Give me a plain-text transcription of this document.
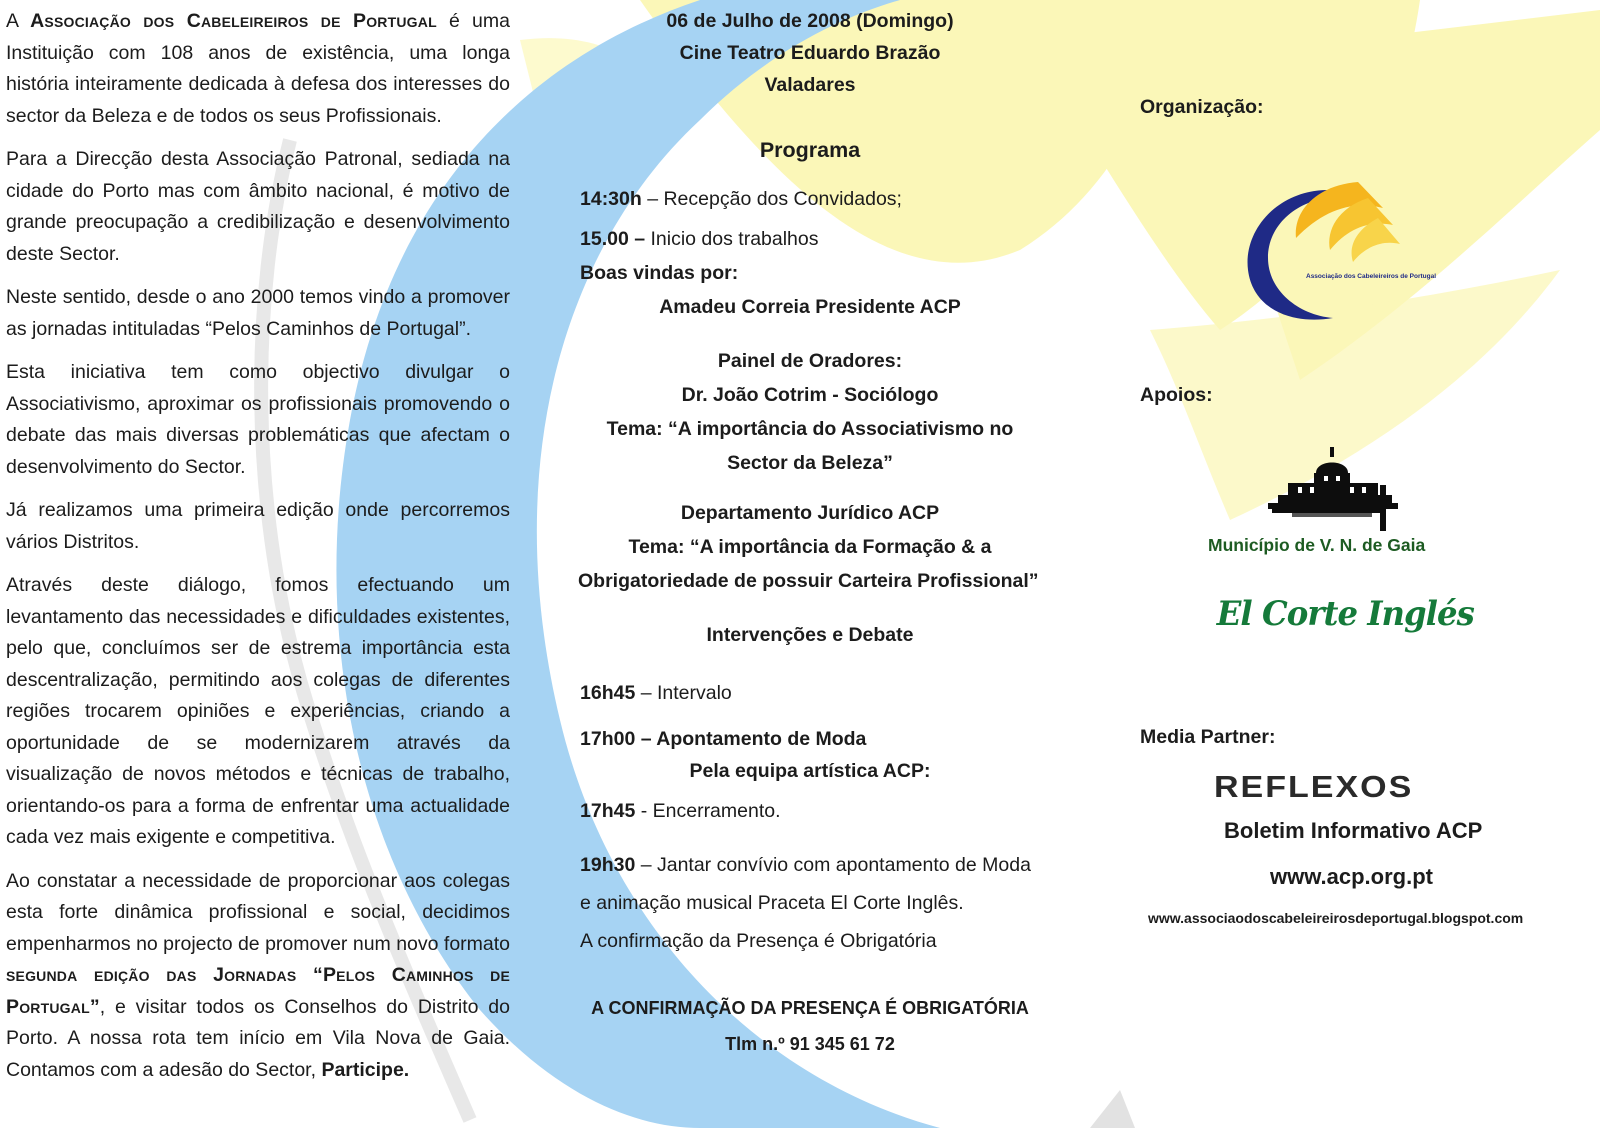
A Associação dos Cabeleireiros de Portugal é uma Instituição com 108 anos de existência, uma longa história inteiramente dedicada à defesa dos interesses do sector da Beleza e de todos os seus Profissionais.

Para a Direcção desta Associação Patronal, sediada na cidade do Porto mas com âmbito nacional, é motivo de grande preocupação a credibilização e desenvolvimento deste Sector.

Neste sentido, desde o ano 2000 temos vindo a promover as jornadas intituladas “Pelos Caminhos de Portugal”.

Esta iniciativa tem como objectivo divulgar o Associativismo, aproximar os profissionais promovendo o debate das mais diversas problemáticas que afectam o desenvolvimento do Sector.

Já realizamos uma primeira edição onde percorremos vários Distritos.

Através deste diálogo, fomos efectuando um levantamento das necessidades e dificuldades existentes, pelo que, concluímos ser de estrema importância esta descentralização, permitindo aos colegas de diferentes regiões trocarem opiniões e experiências, criando a oportunidade de se modernizarem através da visualização de novos métodos e técnicas de trabalho, orientando-os para a forma de enfrentar uma actualidade cada vez mais exigente e competitiva.

Ao constatar a necessidade de proporcionar aos colegas esta forte dinâmica profissional e social, decidimos empenharmos no projecto de promover num novo formato segunda edição das Jornadas “Pelos Caminhos de Portugal”, e visitar todos os Conselhos do Distrito do Porto. A nossa rota tem início em Vila Nova de Gaia. Contamos com a adesão do Sector, Participe.

06 de Julho de 2008 (Domingo)
Cine Teatro Eduardo Brazão
Valadares
Programa
14:30h – Recepção dos Convidados;
15.00 – Inicio dos trabalhos
Boas vindas por:
Amadeu Correia Presidente ACP
Painel de Oradores:
Dr. João Cotrim - Sociólogo
Tema: “A importância do Associativismo no
Sector da Beleza”
Departamento Jurídico ACP
Tema: “A importância da Formação & a
Obrigatoriedade de possuir Carteira Profissional”
Intervenções e Debate
16h45 – Intervalo
17h00 – Apontamento de Moda
Pela equipa artística ACP:
17h45 - Encerramento.
19h30 – Jantar convívio com apontamento de Moda
e animação musical Praceta El Corte Inglês.
A confirmação da Presença é Obrigatória
A CONFIRMAÇÃO DA PRESENÇA É OBRIGATÓRIA
Tlm n.º 91 345 61 72
Organização:
Associação dos Cabeleireiros de Portugal
Apoios:
Município de V. N. de Gaia
El Corte Inglés
Media Partner:
REFLEXOS
Boletim Informativo ACP
www.acp.org.pt
www.associaodoscabeleireirosdeportugal.blogspot.com
